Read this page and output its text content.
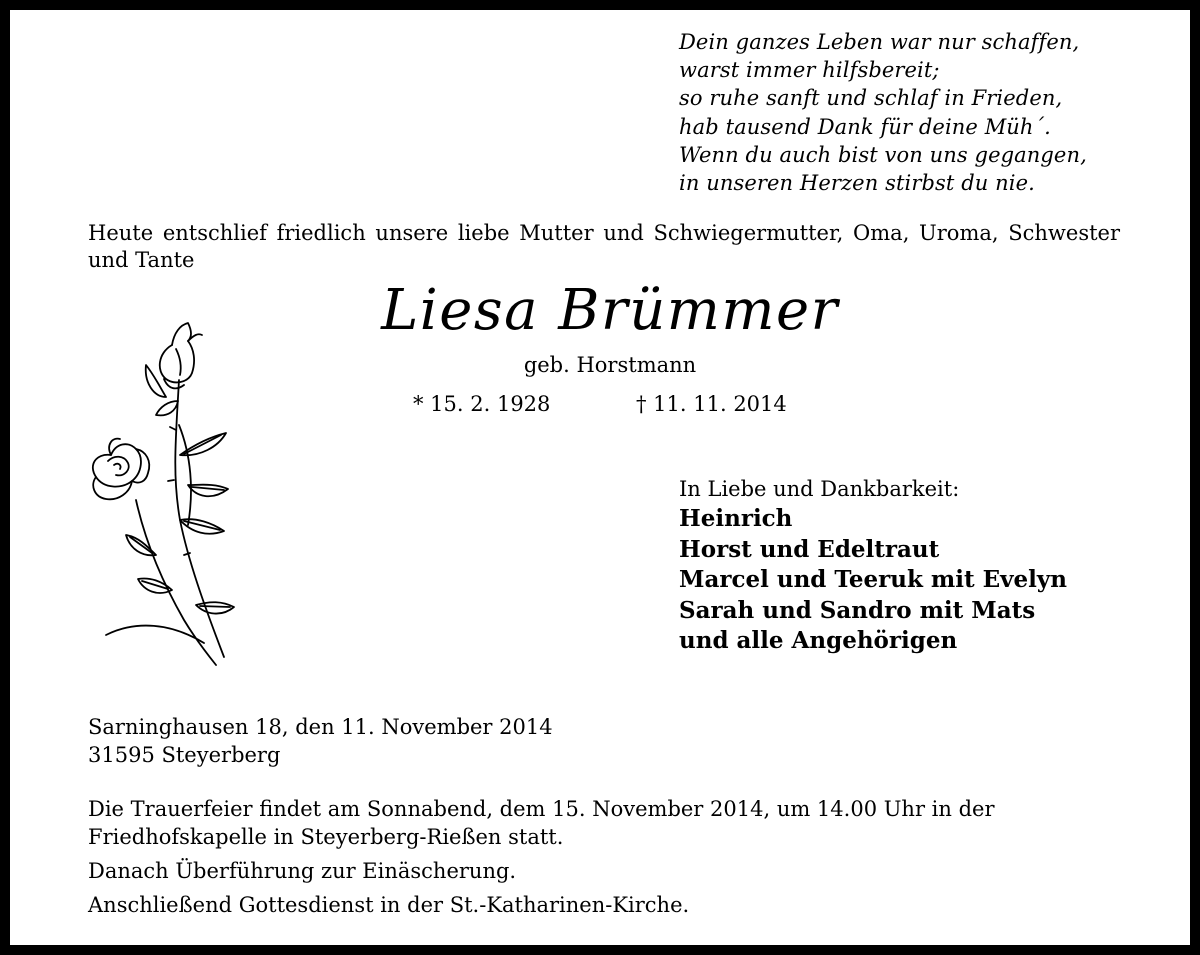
Dein ganzes Leben war nur schaffen,
warst immer hilfsbereit;
so ruhe sanft und schlaf in Frieden,
hab tausend Dank für deine Müh´.
Wenn du auch bist von uns gegangen,
in unseren Herzen stirbst du nie.
Heute entschlief friedlich unsere liebe Mutter und Schwiegermutter, Oma, Uroma, Schwester und Tante
Liesa Brümmer
geb. Horstmann
* 15. 2. 1928	† 11. 11. 2014
In Liebe und Dankbarkeit:
Heinrich
Horst und Edeltraut
Marcel und Teeruk mit Evelyn
Sarah und Sandro mit Mats
und alle Angehörigen
Sarninghausen 18, den 11. November 2014
31595 Steyerberg

Die Trauerfeier findet am Sonnabend, dem 15. November 2014, um 14.00 Uhr in der Friedhofskapelle in Steyerberg-Rießen statt.

Danach Überführung zur Einäscherung.

Anschließend Gottesdienst in der St.-Katharinen-Kirche.
